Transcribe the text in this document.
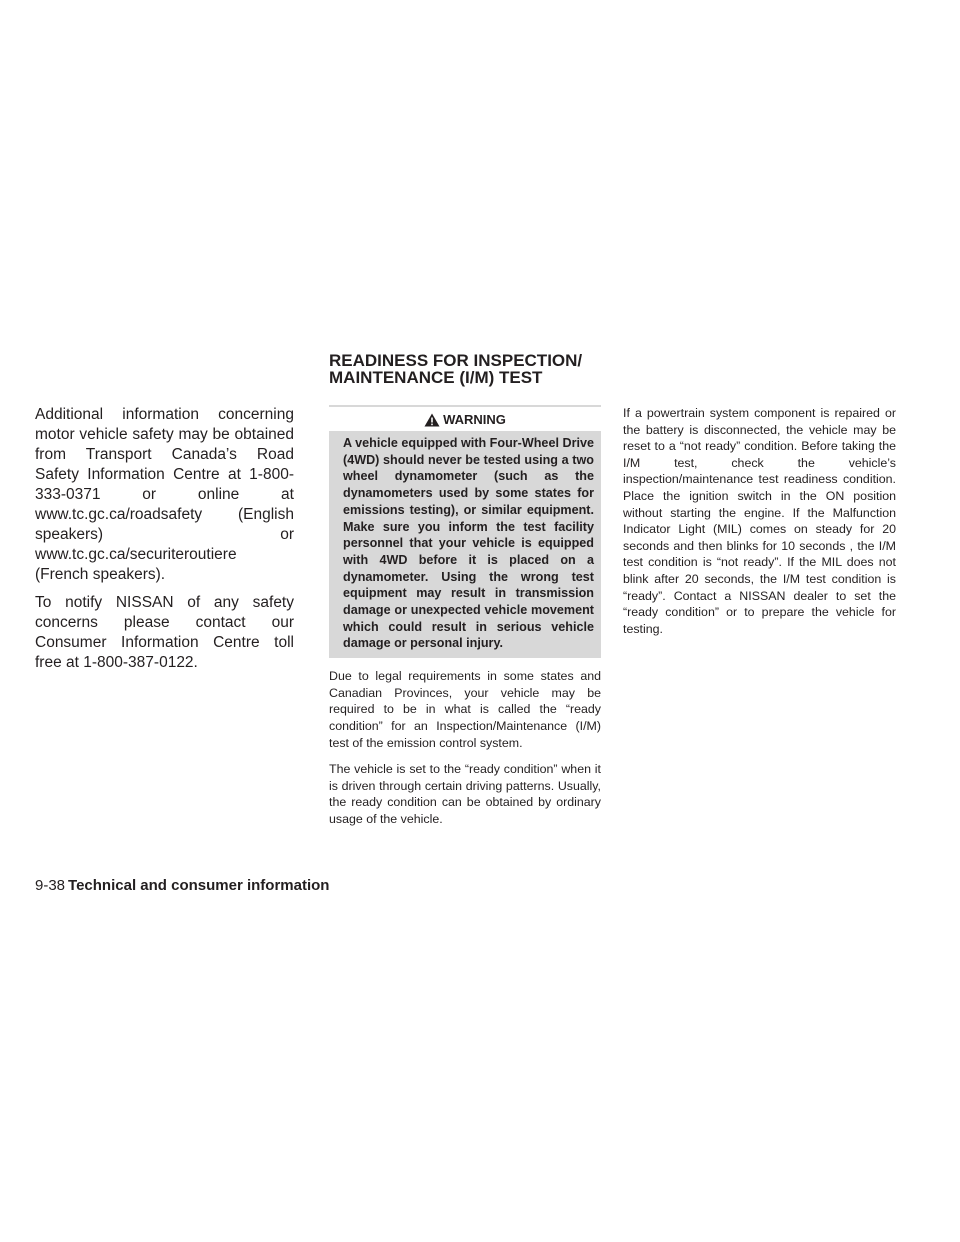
READINESS FOR INSPECTION/
MAINTENANCE (I/M) TEST

Additional information concerning motor vehicle safety may be obtained from Transport Canada’s Road Safety Information Centre at 1-800-333-0371 or online at www.tc.gc.ca/roadsafety (English speakers) or www.tc.gc.ca/securiteroutiere (French speakers).

To notify NISSAN of any safety concerns please contact our Consumer Information Centre toll free at 1-800-387-0122.

WARNING

A vehicle equipped with Four-Wheel Drive (4WD) should never be tested using a two wheel dynamometer (such as the dynamometers used by some states for emissions testing), or similar equipment. Make sure you inform the test facility personnel that your vehicle is equipped with 4WD before it is placed on a dynamometer. Using the wrong test equipment may result in transmission damage or unexpected vehicle movement which could result in serious vehicle damage or personal injury.

Due to legal requirements in some states and Canadian Provinces, your vehicle may be required to be in what is called the “ready condition” for an Inspection/Maintenance (I/M) test of the emission control system.

The vehicle is set to the “ready condition” when it is driven through certain driving patterns. Usually, the ready condition can be obtained by ordinary usage of the vehicle.

If a powertrain system component is repaired or the battery is disconnected, the vehicle may be reset to a “not ready” condition. Before taking the I/M test, check the vehicle’s inspection/maintenance test readiness condition. Place the ignition switch in the ON position without starting the engine. If the Malfunction Indicator Light (MIL) comes on steady for 20 seconds and then blinks for 10 seconds , the I/M test condition is “not ready”. If the MIL does not blink after 20 seconds, the I/M test condition is “ready”. Contact a NISSAN dealer to set the “ready condition” or to prepare the vehicle for testing.

9-38 Technical and consumer information
